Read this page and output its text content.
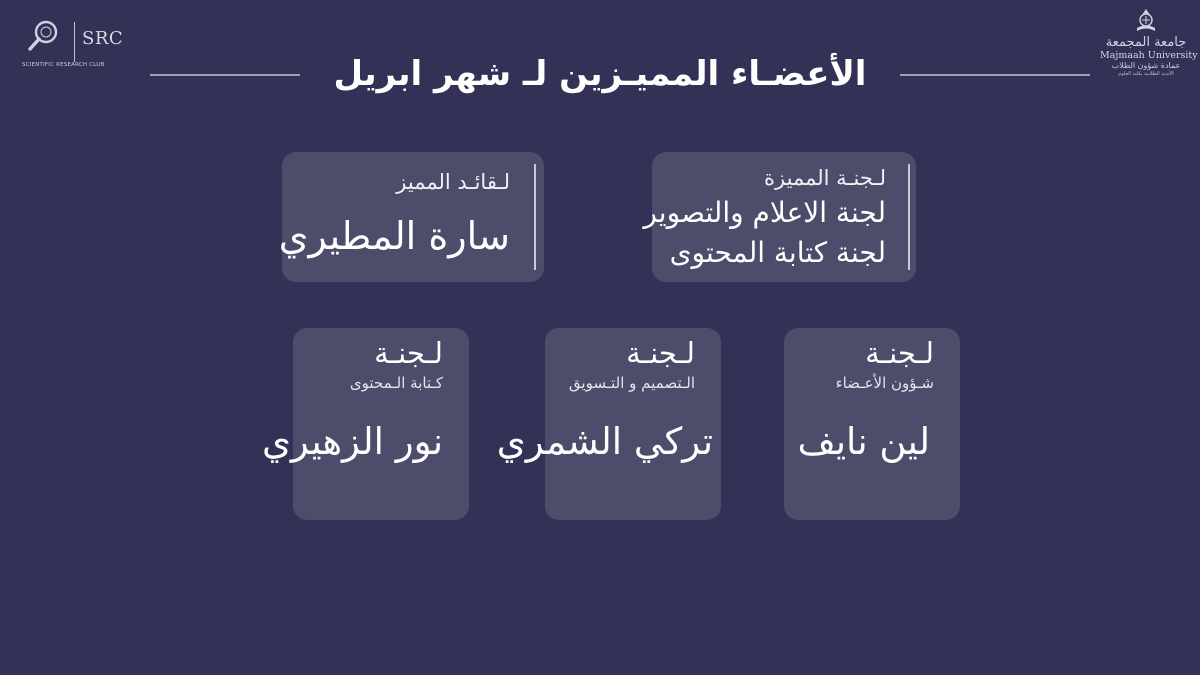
SRC
SCIENTIFIC RESEARCH CLUB
جامعة المجمعة
Majmaah University
عمادة شؤون الطلاب
الأندية الطلابية بكلية العلوم
الأعضـاء المميـزين لـ شهر ابريل
لـقائـد المميز
سارة المطيري
لـجنـة المميزة
لجنة الاعلام والتصوير
لجنة كتابة المحتوى
لـجنـة
شـؤون الأعـضاء
لين نايف
لـجنـة
الـتصميم و التـسويق
تركي الشمري
لـجنـة
كـتابة الـمحتوى
نور الزهيري
